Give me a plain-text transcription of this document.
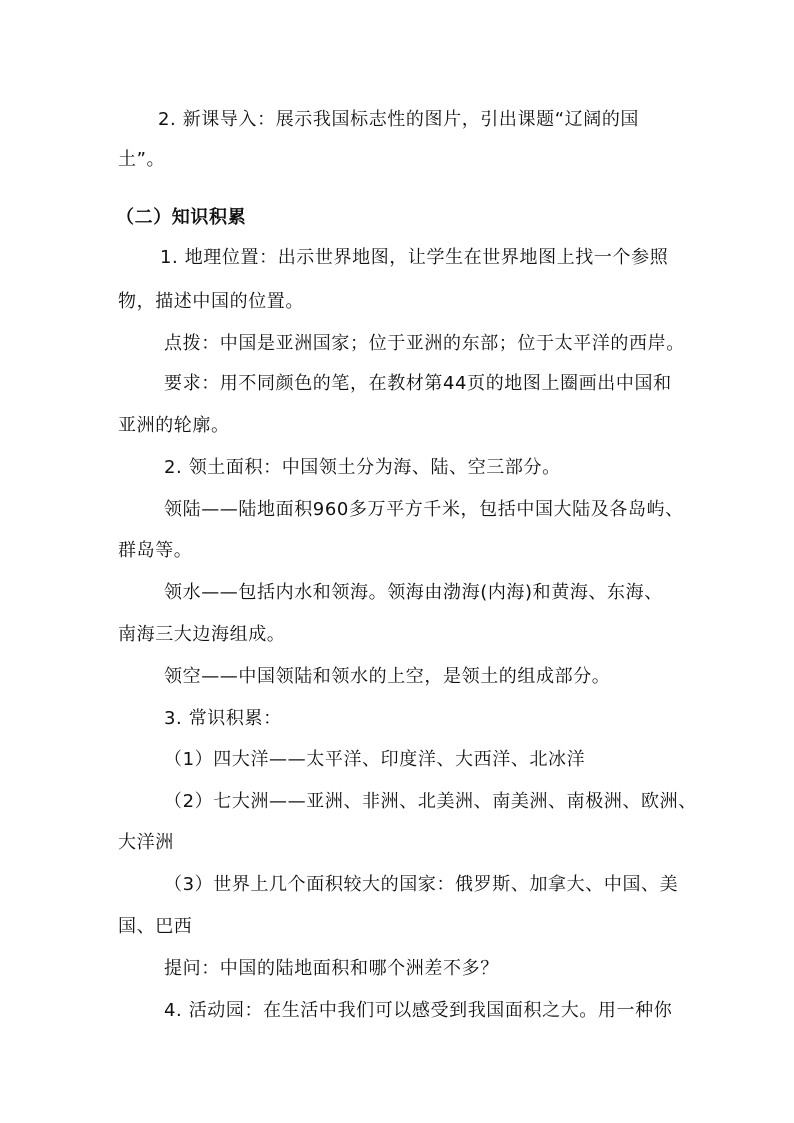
2. 新课导入：展示我国标志性的图片，引出课题“辽阔的国
土”。
（二）知识积累
1. 地理位置：出示世界地图，让学生在世界地图上找一个参照
物，描述中国的位置。
点拨：中国是亚洲国家；位于亚洲的东部；位于太平洋的西岸。
要求：用不同颜色的笔，在教材第44页的地图上圈画出中国和
亚洲的轮廓。
2. 领土面积：中国领土分为海、陆、空三部分。
领陆——陆地面积960多万平方千米，包括中国大陆及各岛屿、
群岛等。
领水——包括内水和领海。领海由渤海(内海)和黄海、东海、
南海三大边海组成。
领空——中国领陆和领水的上空，是领土的组成部分。
3. 常识积累：
（1）四大洋——太平洋、印度洋、大西洋、北冰洋
（2）七大洲——亚洲、非洲、北美洲、南美洲、南极洲、欧洲、
大洋洲
（3）世界上几个面积较大的国家：俄罗斯、加拿大、中国、美
国、巴西
提问：中国的陆地面积和哪个洲差不多？
4. 活动园：在生活中我们可以感受到我国面积之大。用一种你
